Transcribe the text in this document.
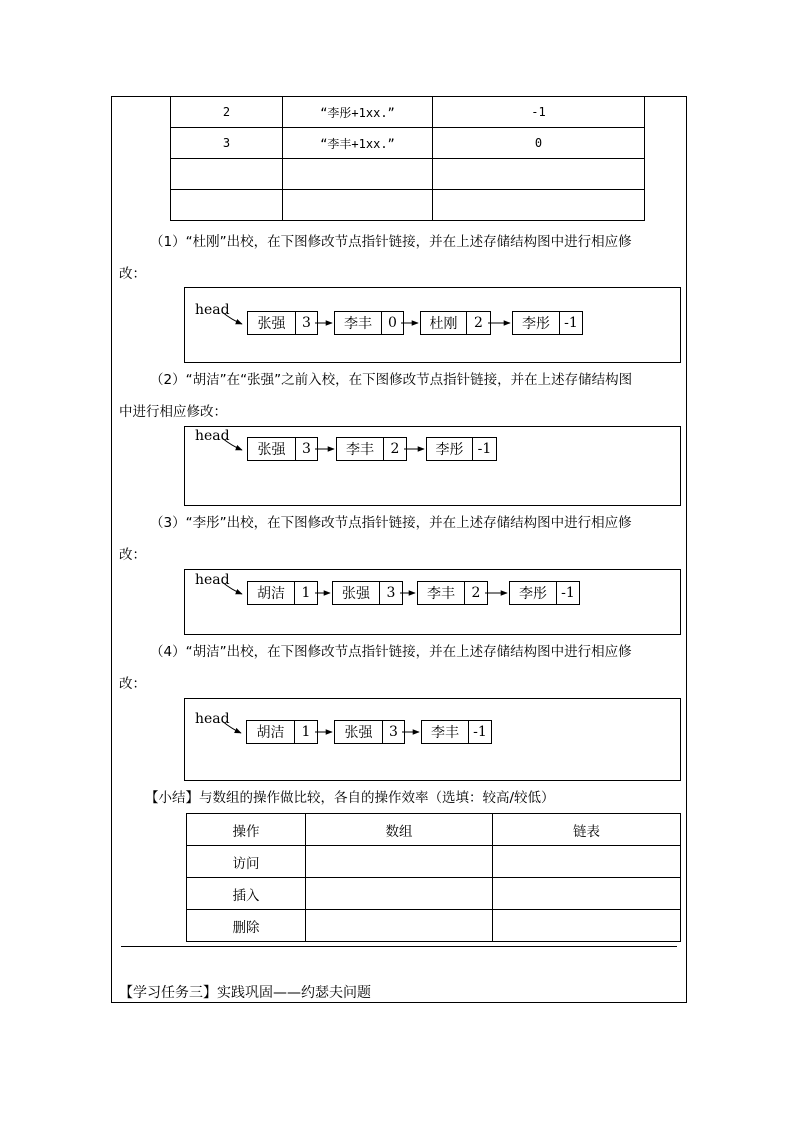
2	“李彤+1xx.”	-1
3	“李丰+1xx.”	0

（1）“杜刚”出校，在下图修改节点指针链接，并在上述存储结构图中进行相应修
改：
head
张强	3	李丰	0	杜刚	2	李彤	-1
（2）“胡洁”在“张强”之前入校，在下图修改节点指针链接，并在上述存储结构图
中进行相应修改：
head
张强	3	李丰	2	李彤	-1
（3）“李彤”出校，在下图修改节点指针链接，并在上述存储结构图中进行相应修
改：
head
胡洁	1	张强	3	李丰	2	李彤	-1
（4）“胡洁”出校，在下图修改节点指针链接，并在上述存储结构图中进行相应修
改：
head
胡洁	1	张强	3	李丰	-1
【小结】与数组的操作做比较，各自的操作效率（选填：较高/较低）
操作	数组	链表
访问		
插入		
删除		
【学习任务三】实践巩固——约瑟夫问题
